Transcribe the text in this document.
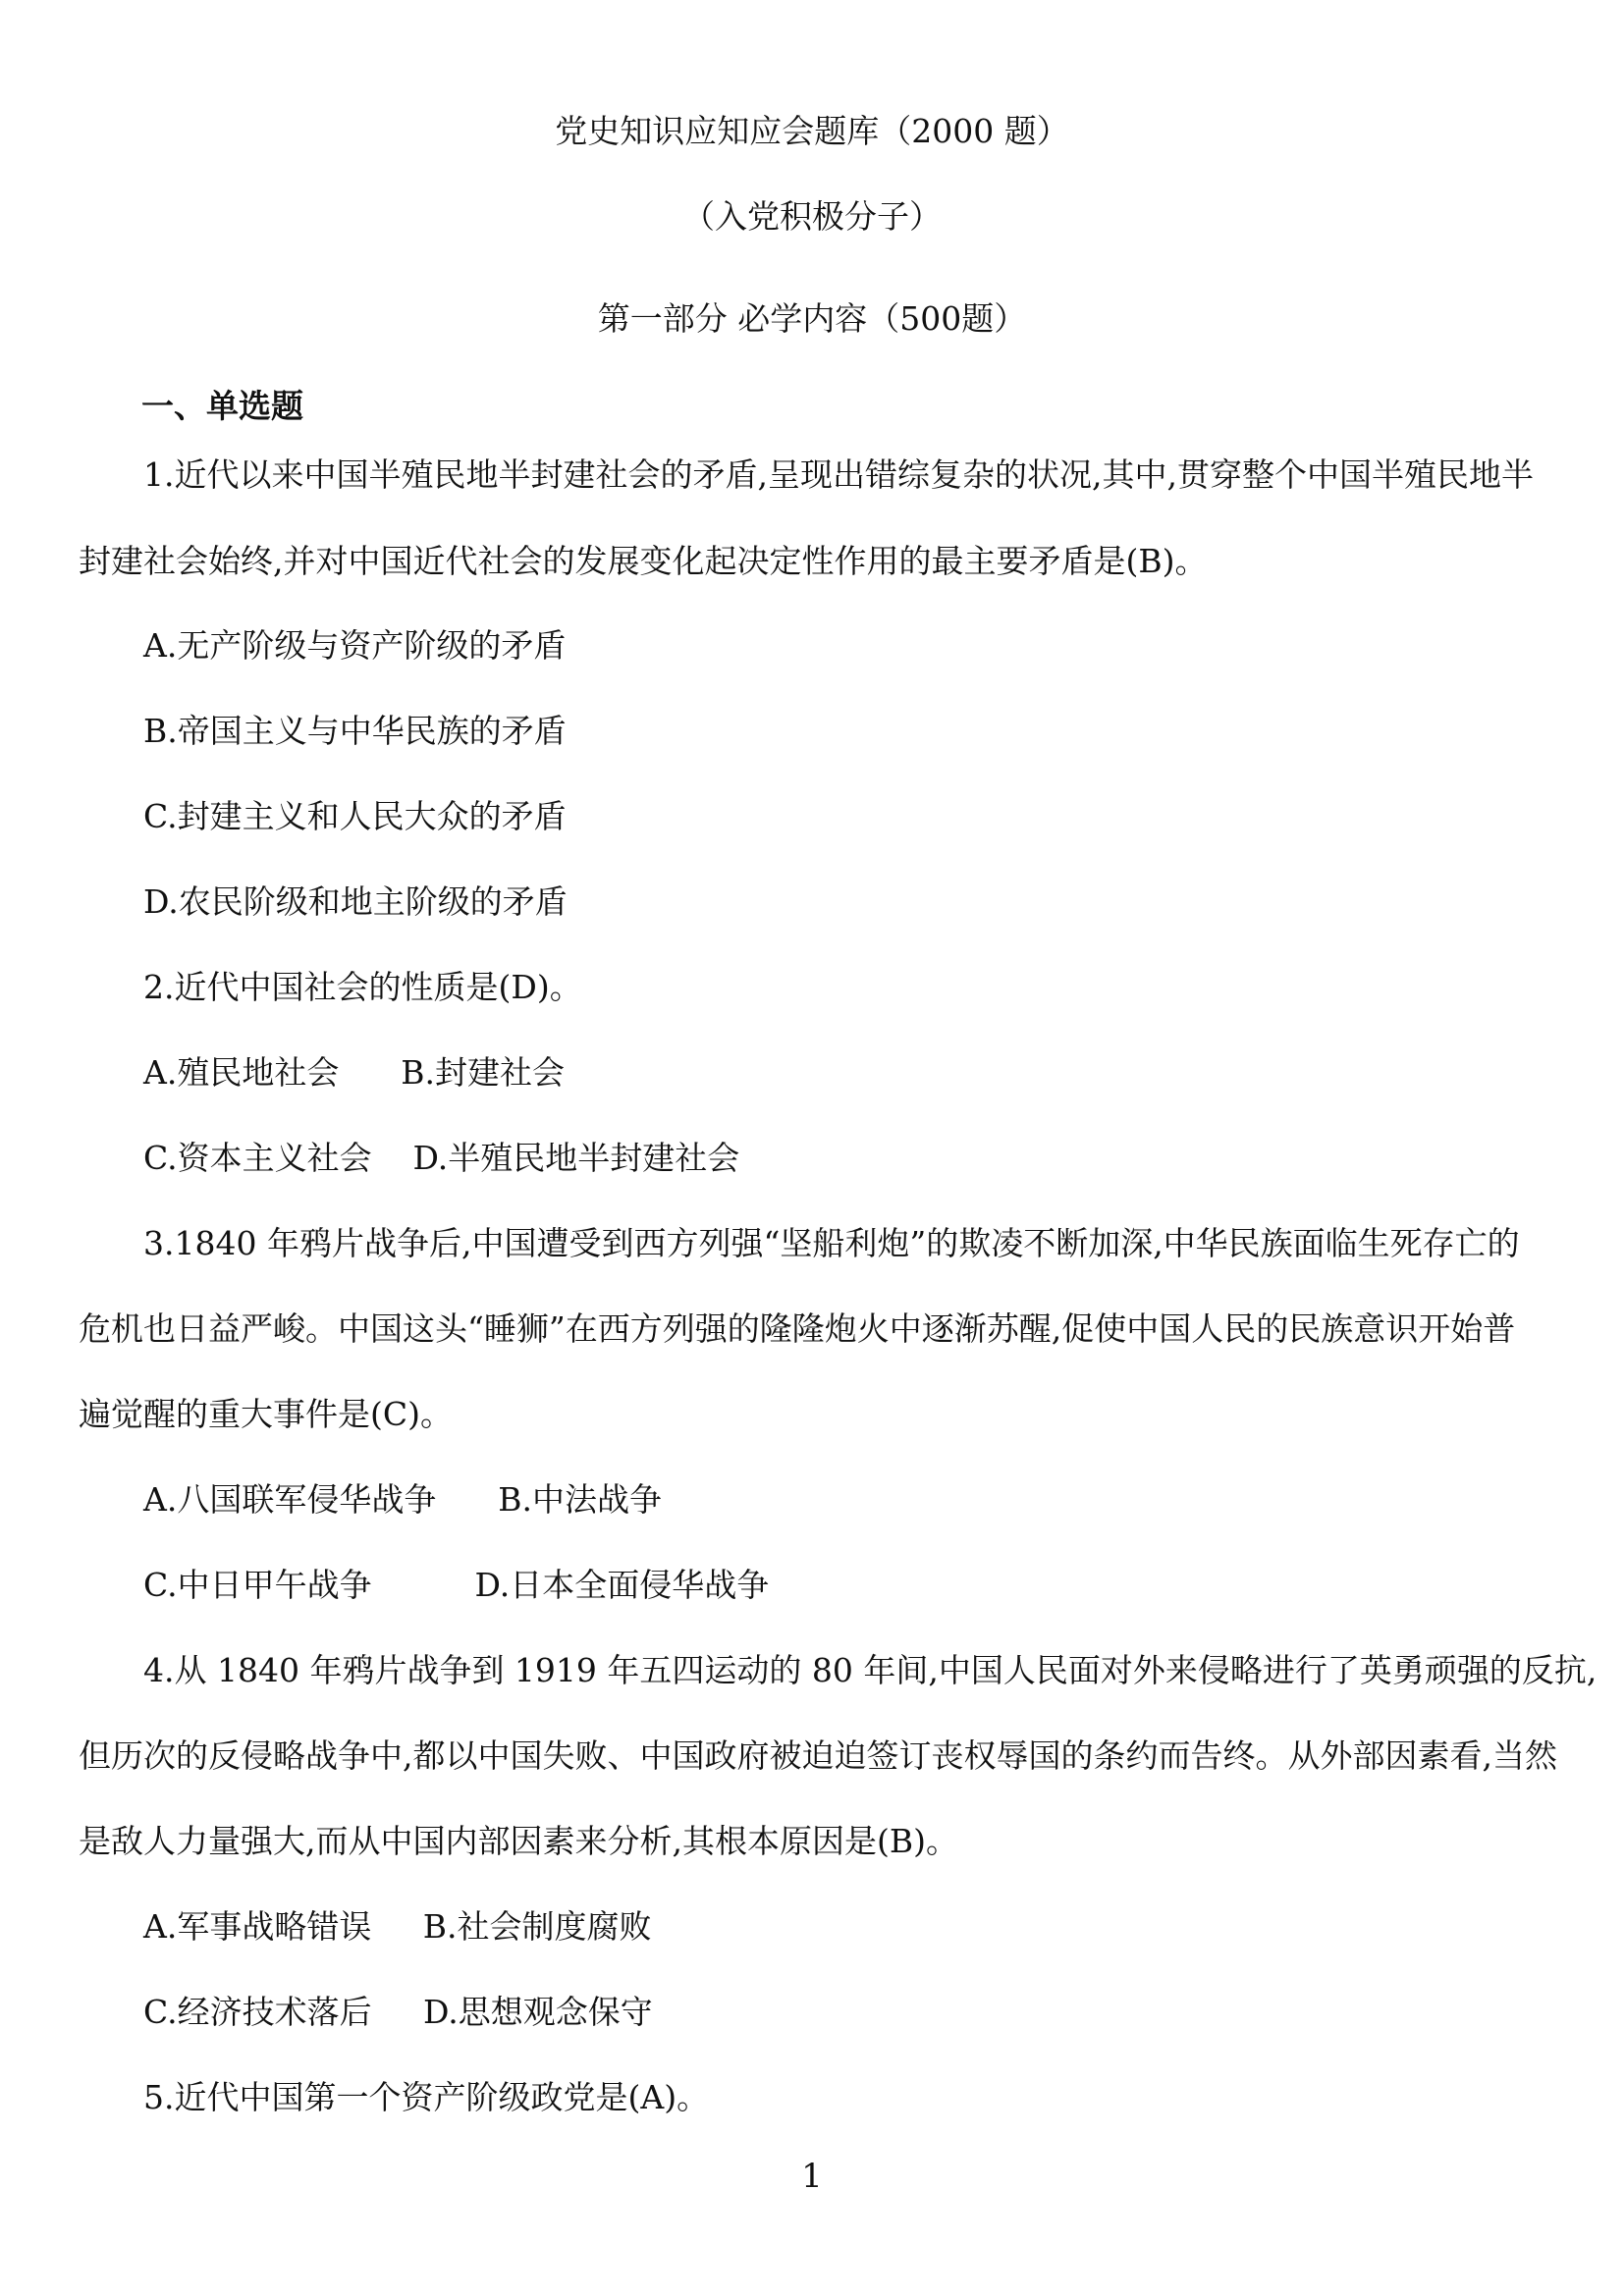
党史知识应知应会题库（2000 题）
（入党积极分子）
第一部分 必学内容（500题）
一、单选题
1.近代以来中国半殖民地半封建社会的矛盾,呈现出错综复杂的状况,其中,贯穿整个中国半殖民地半
封建社会始终,并对中国近代社会的发展变化起决定性作用的最主要矛盾是(B)。
A.无产阶级与资产阶级的矛盾
B.帝国主义与中华民族的矛盾
C.封建主义和人民大众的矛盾
D.农民阶级和地主阶级的矛盾
2.近代中国社会的性质是(D)。
A.殖民地社会      B.封建社会
C.资本主义社会    D.半殖民地半封建社会
3.1840 年鸦片战争后,中国遭受到西方列强“坚船利炮”的欺凌不断加深,中华民族面临生死存亡的
危机也日益严峻。中国这头“睡狮”在西方列强的隆隆炮火中逐渐苏醒,促使中国人民的民族意识开始普
遍觉醒的重大事件是(C)。
A.八国联军侵华战争      B.中法战争
C.中日甲午战争          D.日本全面侵华战争
4.从 1840 年鸦片战争到 1919 年五四运动的 80 年间,中国人民面对外来侵略进行了英勇顽强的反抗,
但历次的反侵略战争中,都以中国失败、中国政府被迫迫签订丧权辱国的条约而告终。从外部因素看,当然
是敌人力量强大,而从中国内部因素来分析,其根本原因是(B)。
A.军事战略错误     B.社会制度腐败
C.经济技术落后     D.思想观念保守
5.近代中国第一个资产阶级政党是(A)。
1
